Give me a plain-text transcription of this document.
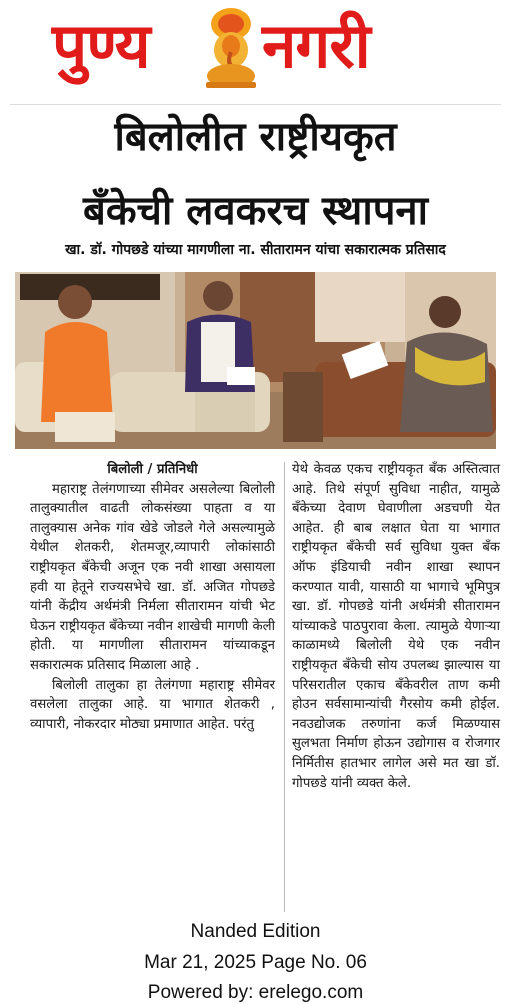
पुण्य नगरी
बिलोलीत राष्ट्रीयकृत
बँकेची लवकरच स्थापना
खा. डॉ. गोपछडे यांच्या मागणीला ना. सीतारामन यांचा सकारात्मक प्रतिसाद
बिलोली / प्रतिनिधी
महाराष्ट्र तेलंगणाच्या सीमेवर असलेल्या बिलोली तालुक्यातील वाढती लोकसंख्या पाहता व या तालुक्यास अनेक गांव खेडे जोडले गेले असल्यामुळे येथील शेतकरी, शेतमजूर,व्यापारी लोकांसाठी राष्ट्रीयकृत बँकेची अजून एक नवी शाखा असायला हवी या हेतूने राज्यसभेचे खा. डॉ. अजित गोपछडे यांनी केंद्रीय अर्थमंत्री निर्मला सीतारामन यांची भेट घेऊन राष्ट्रीयकृत बँकेच्या नवीन शाखेची मागणी केली होती. या मागणीला सीतारामन यांच्याकडून सकारात्मक प्रतिसाद मिळाला आहे .
बिलोली तालुका हा तेलंगणा महाराष्ट्र सीमेवर वसलेला तालुका आहे. या भागात शेतकरी , व्यापारी, नोकरदार मोठ्या प्रमाणात आहेत. परंतु
येथे केवळ एकच राष्ट्रीयकृत बँक अस्तित्वात आहे. तिथे संपूर्ण सुविधा नाहीत, यामुळे बँकेच्या देवाण घेवाणीला अडचणी येत आहेत. ही बाब लक्षात घेता या भागात राष्ट्रीयकृत बँकेची सर्व सुविधा युक्त बँक ऑफ इंडियाची नवीन शाखा स्थापन करण्यात यावी, यासाठी या भागाचे भूमिपुत्र खा. डॉ. गोपछडे यांनी अर्थमंत्री सीतारामन यांच्याकडे पाठपुरावा केला. त्यामुळे येणाऱ्या काळामध्ये बिलोली येथे एक नवीन राष्ट्रीयकृत बँकेची सोय उपलब्ध झाल्यास या परिसरातील एकाच बँकेवरील ताण कमी होउन सर्वसामान्यांची गैरसोय कमी होईल. नवउद्योजक तरुणांना कर्ज मिळण्यास सुलभता निर्माण होऊन उद्योगास व रोजगार निर्मितीस हातभार लागेल असे मत खा डॉ. गोपछडे यांनी व्यक्त केले.
Nanded Edition
Mar 21, 2025 Page No. 06
Powered by: erelego.com
